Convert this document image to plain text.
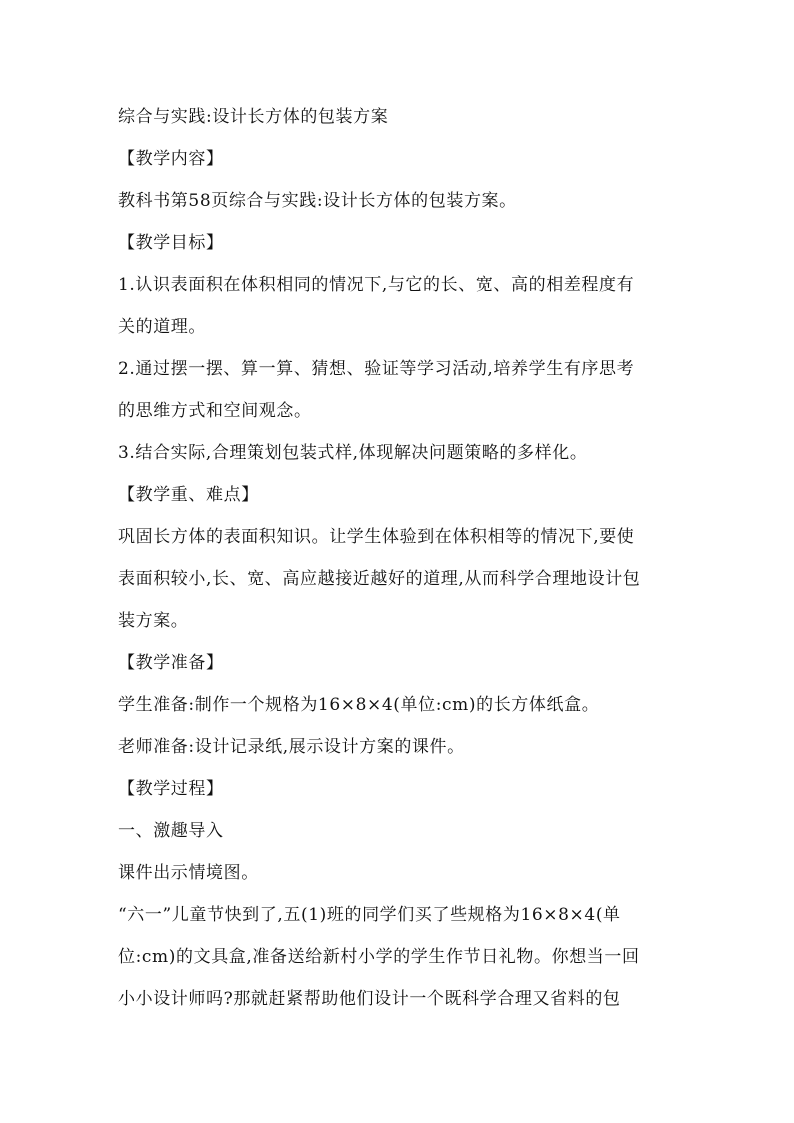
综合与实践:设计长方体的包装方案
【教学内容】
教科书第58页综合与实践:设计长方体的包装方案。
【教学目标】
1.认识表面积在体积相同的情况下,与它的长、宽、高的相差程度有
关的道理。
2.通过摆一摆、算一算、猜想、验证等学习活动,培养学生有序思考
的思维方式和空间观念。
3.结合实际,合理策划包装式样,体现解决问题策略的多样化。
【教学重、难点】
巩固长方体的表面积知识。让学生体验到在体积相等的情况下,要使
表面积较小,长、宽、高应越接近越好的道理,从而科学合理地设计包
装方案。
【教学准备】
学生准备:制作一个规格为16×8×4(单位:cm)的长方体纸盒。
老师准备:设计记录纸,展示设计方案的课件。
【教学过程】
一、激趣导入
课件出示情境图。
“六一”儿童节快到了,五(1)班的同学们买了些规格为16×8×4(单
位:cm)的文具盒,准备送给新村小学的学生作节日礼物。你想当一回
小小设计师吗?那就赶紧帮助他们设计一个既科学合理又省料的包
